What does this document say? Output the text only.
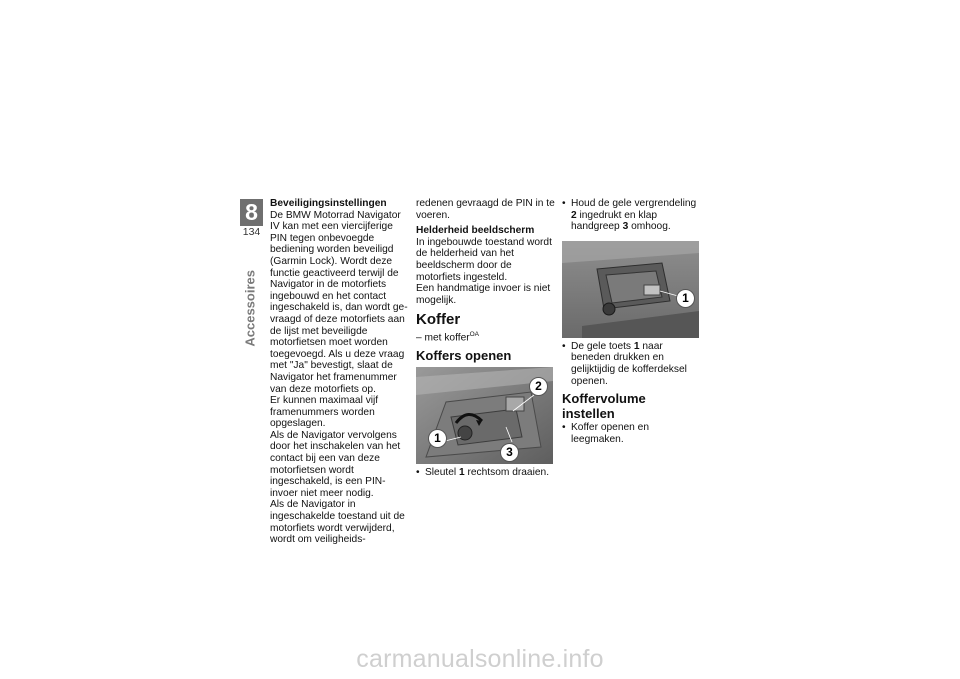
8
134
Accessoires
Beveiligingsinstellingen

De BMW Motorrad Navigator IV kan met een viercijferige PIN tegen onbevoegde bediening worden beveiligd (Garmin Lock). Wordt deze functie geactiveerd terwijl de Navigator in de motorfiets ingebouwd en het contact ingeschakeld is, dan wordt gevraagd of deze motorfiets aan de lijst met beveiligde motorfietsen moet worden toegevoegd. Als u deze vraag met "Ja" bevestigt, slaat de Navigator het framenummer van deze motorfiets op.

Er kunnen maximaal vijf framenummers worden opgeslagen.

Als de Navigator vervolgens door het inschakelen van het contact bij een van deze motorfietsen wordt ingeschakeld, is een PIN-invoer niet meer nodig.

Als de Navigator in ingeschakelde toestand uit de motorfiets wordt verwijderd, wordt om veiligheids-

redenen gevraagd de PIN in te voeren.

Helderheid beeldscherm

In ingebouwde toestand wordt de helderheid van het beeldscherm door de motorfiets ingesteld.

Een handmatige invoer is niet mogelijk.

Koffer

– met koffer$^{OA}$

Koffers openen
2
1
3
• Sleutel 1 rechtsom draaien.
• Houd de gele vergrendeling 2 ingedrukt en klap handgreep 3 omhoog.
1
• De gele toets 1 naar beneden drukken en gelijktijdig de kofferdeksel openen.
Koffervolume instellen
• Koffer openen en leegmaken.
carmanualsonline.info
